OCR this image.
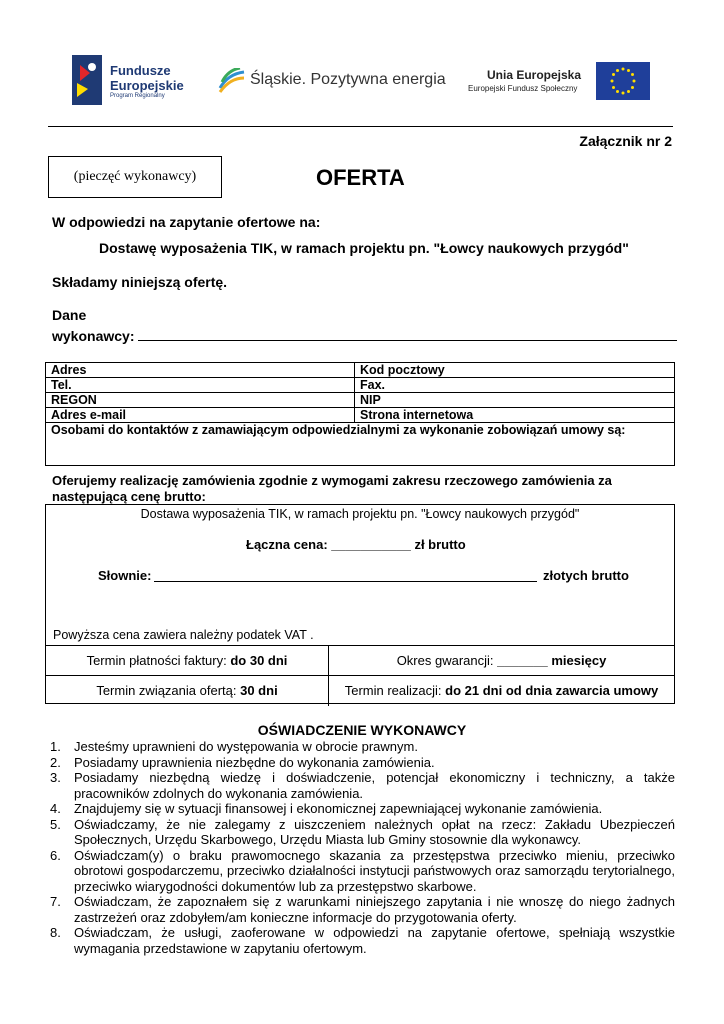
Fundusze
Europejskie
Program Regionalny
Śląskie. Pozytywna energia	Unia Europejska
Europejski Fundusz Społeczny
Załącznik nr 2
(pieczęć wykonawcy)	OFERTA
W odpowiedzi na zapytanie ofertowe na:
Dostawę wyposażenia TIK, w ramach projektu pn. "Łowcy naukowych przygód"
Składamy niniejszą ofertę.
Dane
wykonawcy:
Adres	Kod pocztowy
Tel.	Fax.
REGON	NIP
Adres e-mail	Strona internetowa
Osobami do kontaktów z zamawiającym odpowiedzialnymi za wykonanie zobowiązań umowy są:	
Oferujemy realizację zamówienia zgodnie z wymogami zakresu rzeczowego zamówienia za następującą cenę brutto:
Dostawa wyposażenia TIK, w ramach projektu pn. "Łowcy naukowych przygód"
Łączna cena: ___________ zł brutto
Słownie:	złotych brutto
Powyższa cena zawiera należny podatek VAT .
Termin płatności faktury: do 30 dni	Okres gwarancji: _______ miesięcy
Termin związania ofertą: 30 dni	Termin realizacji: do 21 dni od dnia zawarcia umowy
OŚWIADCZENIE WYKONAWCY
1.	Jesteśmy uprawnieni do występowania w obrocie prawnym.
2.	Posiadamy uprawnienia niezbędne do wykonania zamówienia.
3.	Posiadamy niezbędną wiedzę i doświadczenie, potencjał ekonomiczny i techniczny, a także pracowników zdolnych do wykonania zamówienia.
4.	Znajdujemy się w sytuacji finansowej i ekonomicznej zapewniającej wykonanie zamówienia.
5.	Oświadczamy, że nie zalegamy z uiszczeniem należnych opłat na rzecz: Zakładu Ubezpieczeń Społecznych, Urzędu Skarbowego, Urzędu Miasta lub Gminy stosownie dla wykonawcy.
6.	Oświadczam(y) o braku prawomocnego skazania za przestępstwa przeciwko mieniu, przeciwko obrotowi gospodarczemu, przeciwko działalności instytucji państwowych oraz samorządu terytorialnego, przeciwko wiarygodności dokumentów lub za przestępstwo skarbowe.
7.	Oświadczam, że zapoznałem się z warunkami niniejszego zapytania i nie wnoszę do niego żadnych zastrzeżeń oraz zdobyłem/am konieczne informacje do przygotowania oferty.
8.	Oświadczam, że usługi, zaoferowane w odpowiedzi na zapytanie ofertowe, spełniają wszystkie wymagania przedstawione w zapytaniu ofertowym.
